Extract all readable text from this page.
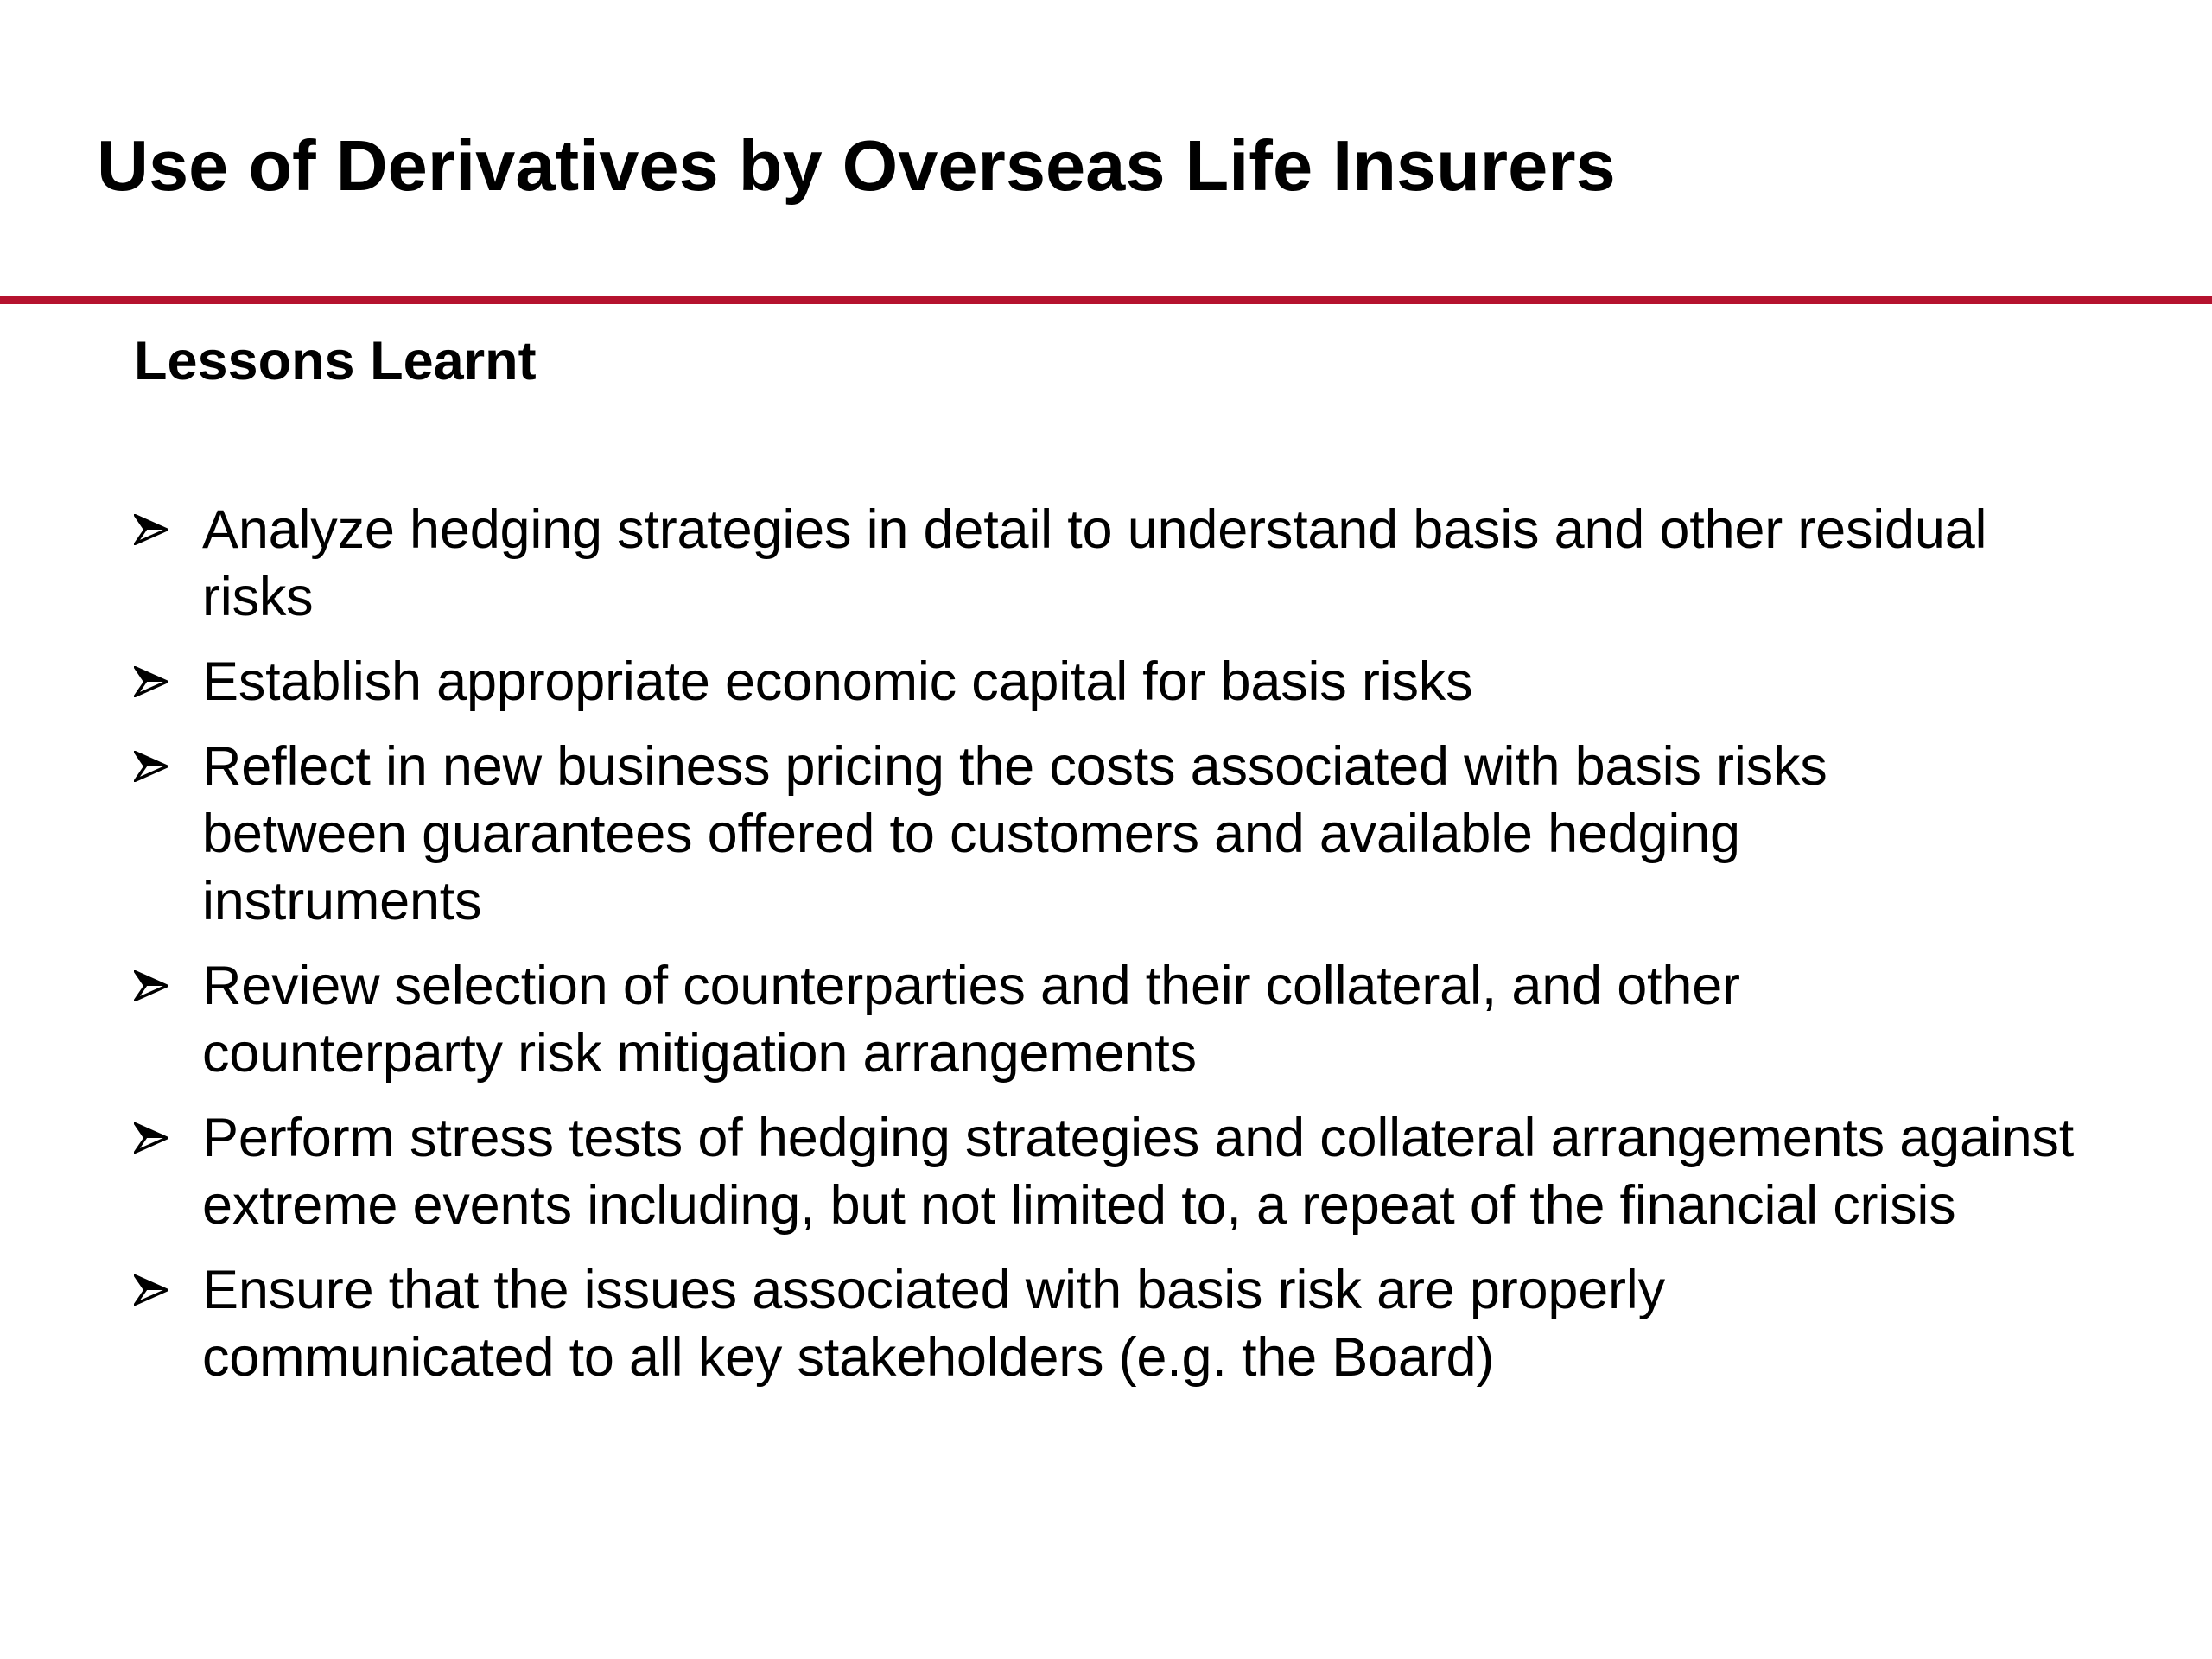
Use of Derivatives by Overseas Life Insurers
Lessons Learnt
Analyze hedging strategies in detail to understand basis and other residual risks
Establish appropriate economic capital for basis risks
Reflect in new business pricing the costs associated with basis risks between guarantees offered to customers and available hedging instruments
Review selection of counterparties and their collateral, and other counterparty risk mitigation arrangements
Perform stress tests of hedging strategies and collateral arrangements against extreme events including, but not limited to, a repeat of the financial crisis
Ensure that the issues associated with basis risk are properly communicated to all key stakeholders (e.g. the Board)
